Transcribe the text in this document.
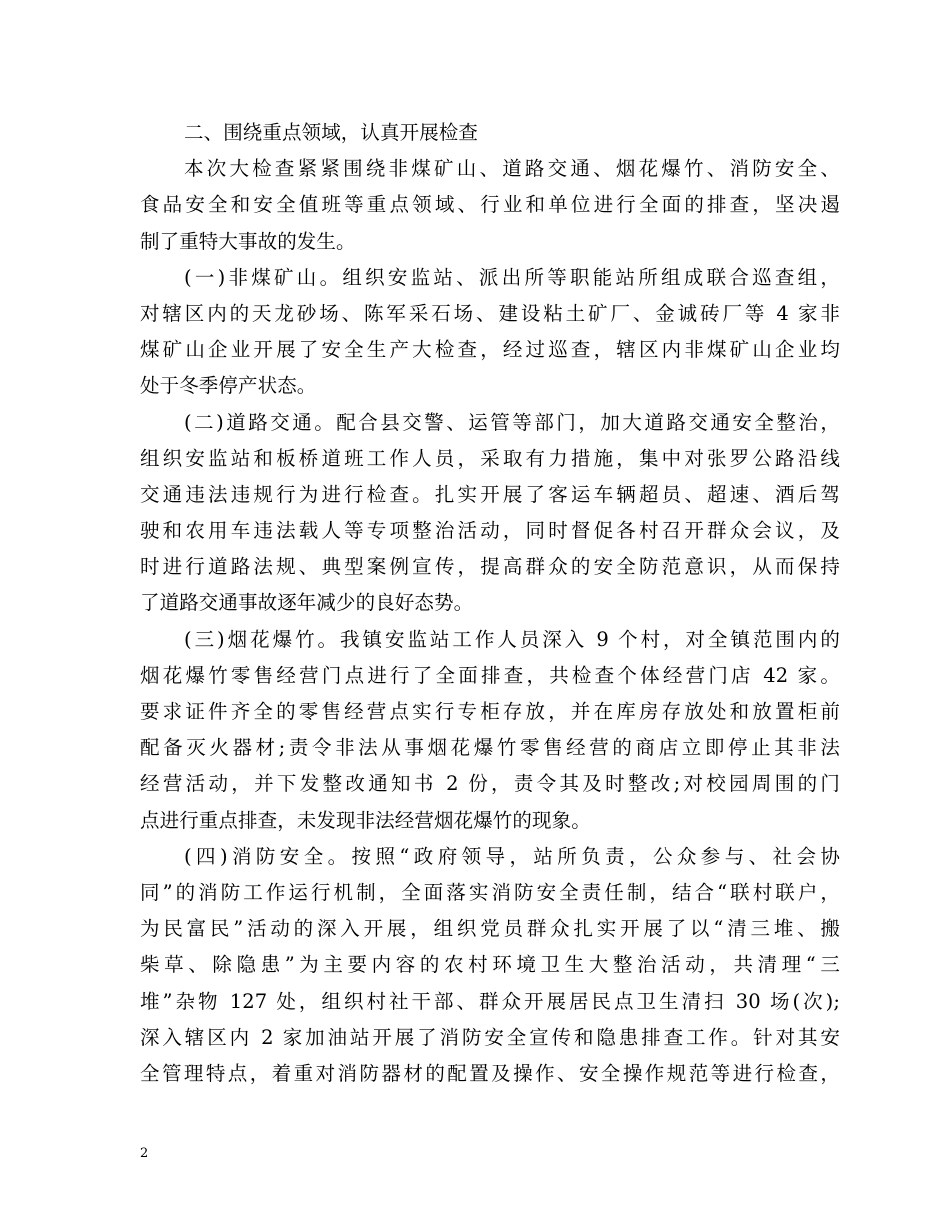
二、围绕重点领域，认真开展检查
本次大检查紧紧围绕非煤矿山、道路交通、烟花爆竹、消防安全、
食品安全和安全值班等重点领域、行业和单位进行全面的排查，坚决遏
制了重特大事故的发生。
(一)非煤矿山。组织安监站、派出所等职能站所组成联合巡查组，
对辖区内的天龙砂场、陈军采石场、建设粘土矿厂、金诚砖厂等 4 家非
煤矿山企业开展了安全生产大检查，经过巡查，辖区内非煤矿山企业均
处于冬季停产状态。
(二)道路交通。配合县交警、运管等部门，加大道路交通安全整治，
组织安监站和板桥道班工作人员，采取有力措施，集中对张罗公路沿线
交通违法违规行为进行检查。扎实开展了客运车辆超员、超速、酒后驾
驶和农用车违法载人等专项整治活动，同时督促各村召开群众会议，及
时进行道路法规、典型案例宣传，提高群众的安全防范意识，从而保持
了道路交通事故逐年减少的良好态势。
(三)烟花爆竹。我镇安监站工作人员深入 9 个村，对全镇范围内的
烟花爆竹零售经营门点进行了全面排查，共检查个体经营门店 42 家。
要求证件齐全的零售经营点实行专柜存放，并在库房存放处和放置柜前
配备灭火器材;责令非法从事烟花爆竹零售经营的商店立即停止其非法
经营活动，并下发整改通知书 2 份，责令其及时整改;对校园周围的门
点进行重点排查，未发现非法经营烟花爆竹的现象。
(四)消防安全。按照“政府领导，站所负责，公众参与、社会协
同”的消防工作运行机制，全面落实消防安全责任制，结合“联村联户，
为民富民”活动的深入开展，组织党员群众扎实开展了以“清三堆、搬
柴草、除隐患”为主要内容的农村环境卫生大整治活动，共清理“三
堆”杂物 127 处，组织村社干部、群众开展居民点卫生清扫 30 场(次);
深入辖区内 2 家加油站开展了消防安全宣传和隐患排查工作。针对其安
全管理特点，着重对消防器材的配置及操作、安全操作规范等进行检查，
2
